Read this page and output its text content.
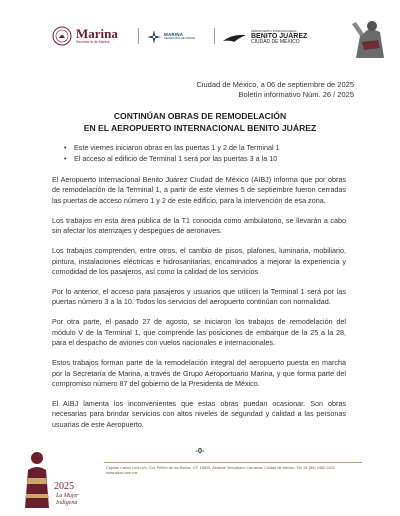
Marina
Secretaría de Marina
MARINA
SECRETARÍA DE MARINA
AEROPUERTO INTERNACIONAL
BENITO JUÁREZ
CIUDAD DE MÉXICO
Ciudad de México, a 06 de septiembre de 2025
Boletín informativo Núm. 26 / 2025
CONTINÚAN OBRAS DE REMODELACIÓN
EN EL AEROPUERTO INTERNACIONAL BENITO JUÁREZ
• Este viernes iniciaron obras en las puertas 1 y 2 de la Terminal 1
• El acceso al edificio de Terminal 1 será por las puertas 3 a la 10

El Aeropuerto Internacional Benito Juárez Ciudad de México (AIBJ) informa que por obras de remodelación de la Terminal 1, a partir de este viernes 5 de septiembre fueron cerradas las puertas de acceso número 1 y 2 de este edificio, para la intervención de esa zona.

Los trabajos en esta área pública de la T1 conocida como ambulatorio, se llevarán a cabo sin afectar los aterrizajes y despegues de aeronaves.

Los trabajos comprenden, entre otros, el cambio de pisos, plafones, luminaria, mobiliario, pintura, instalaciones eléctricas e hidrosanitarias, encaminados a mejorar la experiencia y comodidad de los pasajeros, así como la calidad de los servicios

Por lo anterior, el acceso para pasajeros y usuarios que utilicen la Terminal 1 será por las puertas número 3 a la 10. Todos los servicios del aeropuerto continúan con normalidad.

Por otra parte, el pasado 27 de agosto, se iniciaron los trabajos de remodelación del módulo V de la Terminal 1, que comprende las posiciones de embarque de la 25 a la 28, para el despacho de aviones con vuelos nacionales e internacionales.

Estos trabajos forman parte de la remodelación integral del aeropuerto puesta en marcha por la Secretaría de Marina, a través de Grupo Aeroportuario Marina, y que forma parte del compromiso número 87 del gobierno de la Presidenta de México.

El AIBJ lamenta los inconvenientes que estas obras puedan ocasionar. Son obras necesarias para brindar servicios con altos niveles de seguridad y calidad a las personas usuarias de este Aeropuerto.

-0-
2025
La Mujer Indígena
Capitán Carlos León s/n, Col. Peñón de los Baños, CP. 15620, Alcaldía Venustiano Carranza, Ciudad de México. Tel. 01 (55) 2482-2400
www.aicm.com.mx
